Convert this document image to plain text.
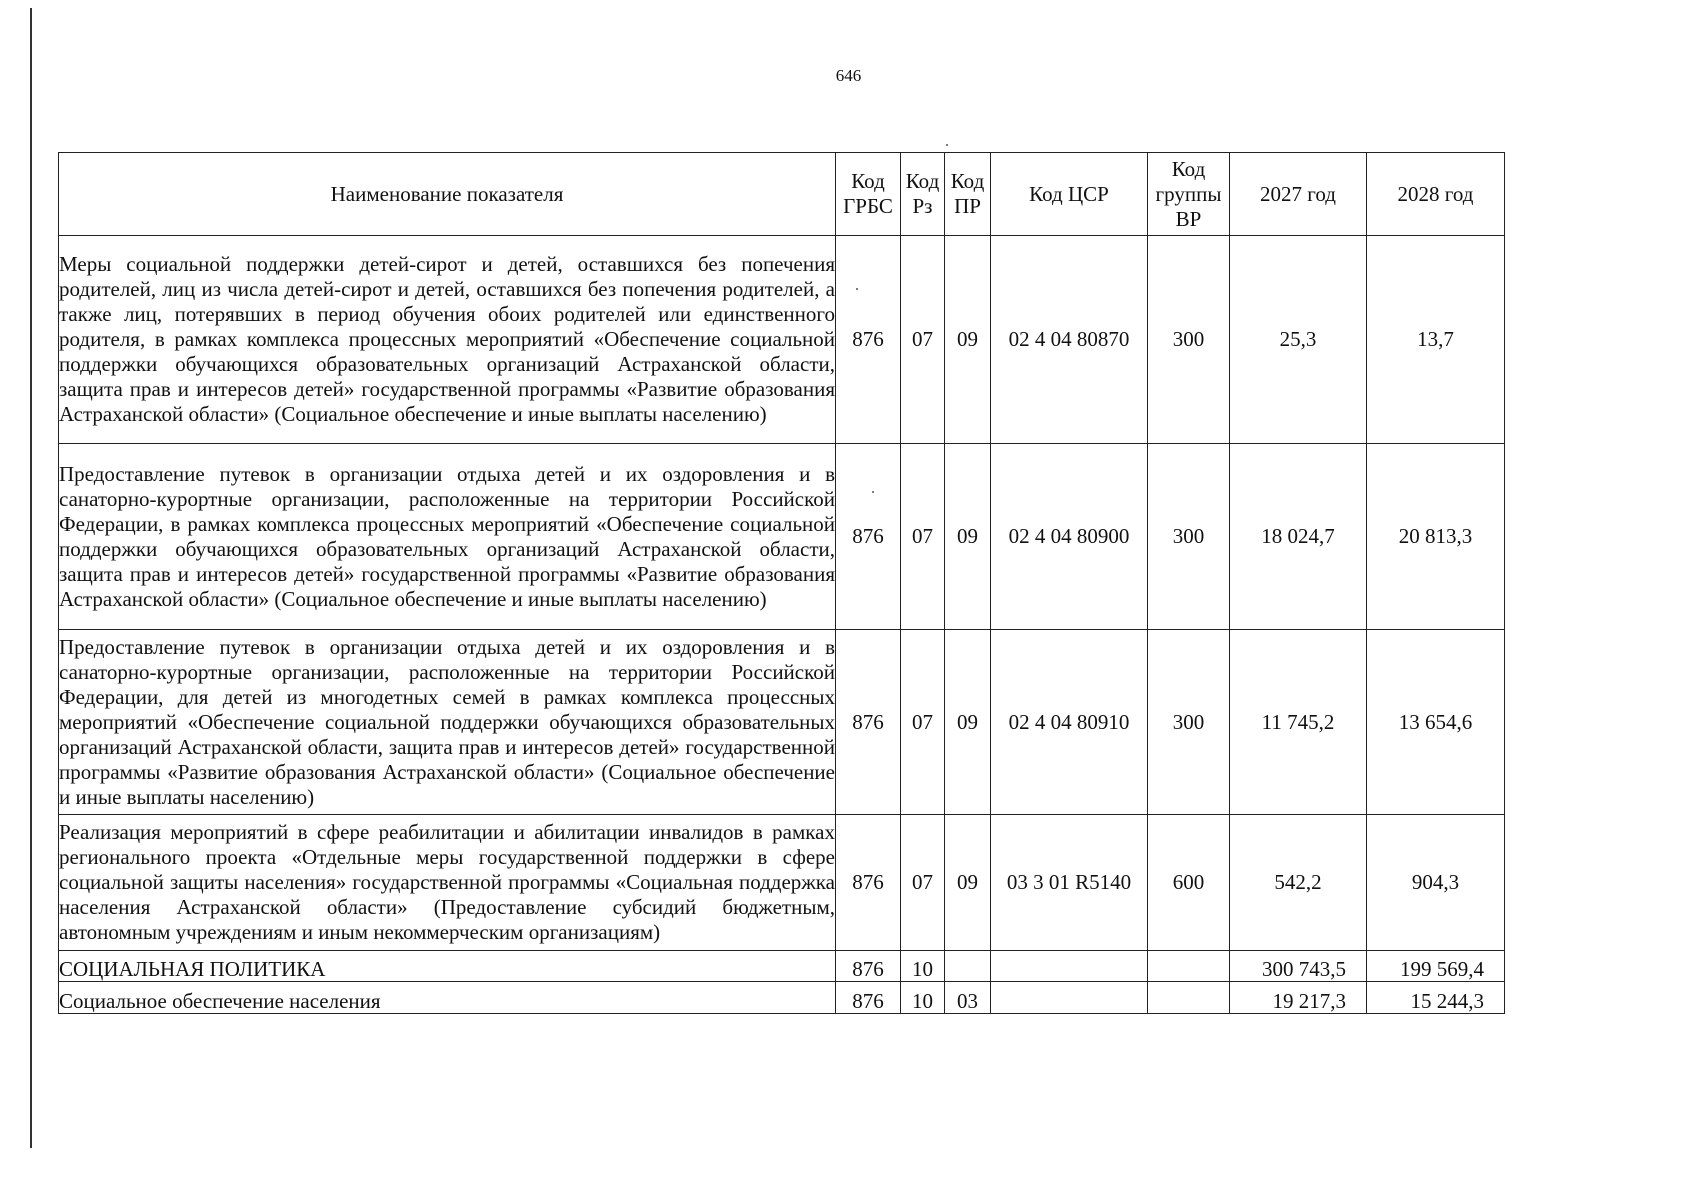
646
Наименование показателя	Код ГРБС	Код Рз	Код ПР	Код ЦСР	Код группы ВР	2027 год	2028 год
Меры социальной поддержки детей-сирот и детей, оставшихся без попечения родителей, лиц из числа детей-сирот и детей, оставшихся без попечения родителей, а также лиц, потерявших в период обучения обоих родителей или единственного родителя, в рамках комплекса процессных мероприятий «Обеспечение социальной поддержки обучающихся образовательных организаций Астраханской области, защита прав и интересов детей» государственной программы «Развитие образования Астраханской области» (Социальное обеспечение и иные выплаты населению)	876	07	09	02 4 04 80870	300	25,3	13,7
Предоставление путевок в организации отдыха детей и их оздоровления и в санаторно-курортные организации, расположенные на территории Российской Федерации, в рамках комплекса процессных мероприятий «Обеспечение социальной поддержки обучающихся образовательных организаций Астраханской области, защита прав и интересов детей» государственной программы «Развитие образования Астраханской области» (Социальное обеспечение и иные выплаты населению)	876	07	09	02 4 04 80900	300	18 024,7	20 813,3
Предоставление путевок в организации отдыха детей и их оздоровления и в санаторно-курортные организации, расположенные на территории Российской Федерации, для детей из многодетных семей в рамках комплекса процессных мероприятий «Обеспечение социальной поддержки обучающихся образовательных организаций Астраханской области, защита прав и интересов детей» государственной программы «Развитие образования Астраханской области» (Социальное обеспечение и иные выплаты населению)	876	07	09	02 4 04 80910	300	11 745,2	13 654,6
Реализация мероприятий в сфере реабилитации и абилитации инвалидов в рамках регионального проекта «Отдельные меры государственной поддержки в сфере социальной защиты населения» государственной программы «Социальная поддержка населения Астраханской области» (Предоставление субсидий бюджетным, автономным учреждениям и иным некоммерческим организациям)	876	07	09	03 3 01 R5140	600	542,2	904,3
СОЦИАЛЬНАЯ ПОЛИТИКА	876	10				300 743,5	199 569,4
Социальное обеспечение населения	876	10	03			19 217,3	15 244,3
